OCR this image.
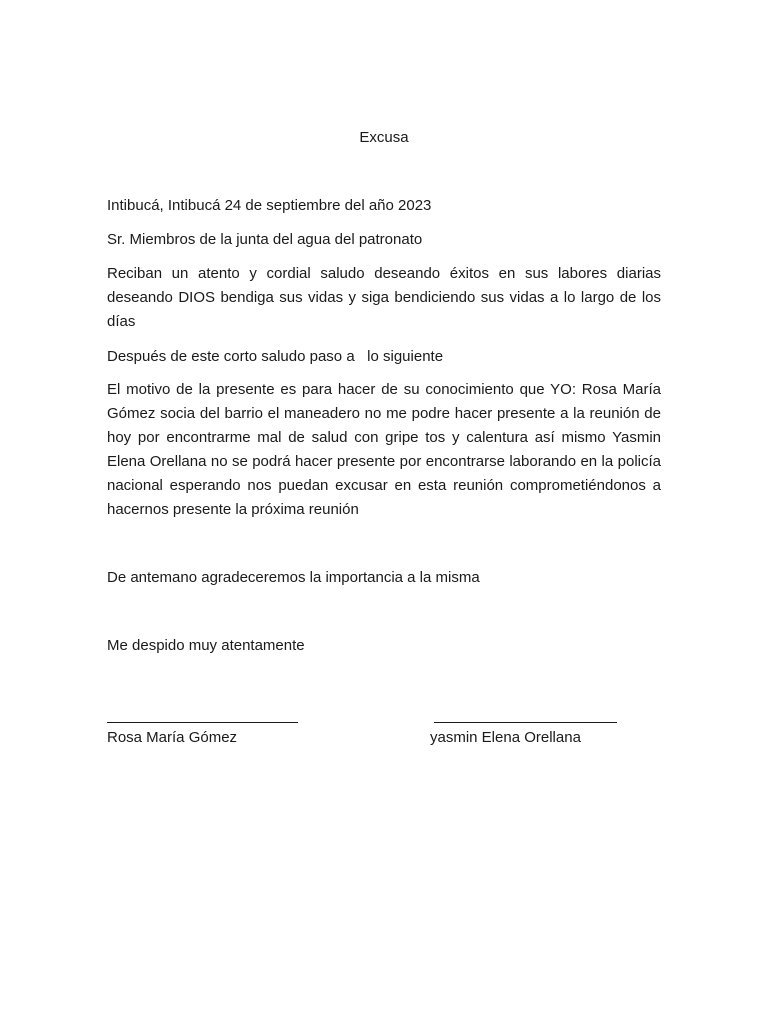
Excusa
Intibucá, Intibucá 24 de septiembre del año 2023
Sr. Miembros de la junta del agua del patronato
Reciban un atento y cordial saludo deseando éxitos en sus labores diarias deseando DIOS bendiga sus vidas y siga bendiciendo sus vidas a lo largo de los días
Después de este corto saludo paso a   lo siguiente
El motivo de la presente es para hacer de su conocimiento que YO: Rosa María Gómez socia del barrio el maneadero no me podre hacer presente a la reunión de hoy por encontrarme mal de salud con gripe tos y calentura así mismo Yasmin Elena Orellana no se podrá hacer presente por encontrarse laborando en la policía nacional esperando nos puedan excusar en esta reunión comprometiéndonos a hacernos presente la próxima reunión
De antemano agradeceremos la importancia a la misma
Me despido muy atentamente
Rosa María Gómez	yasmin Elena Orellana
